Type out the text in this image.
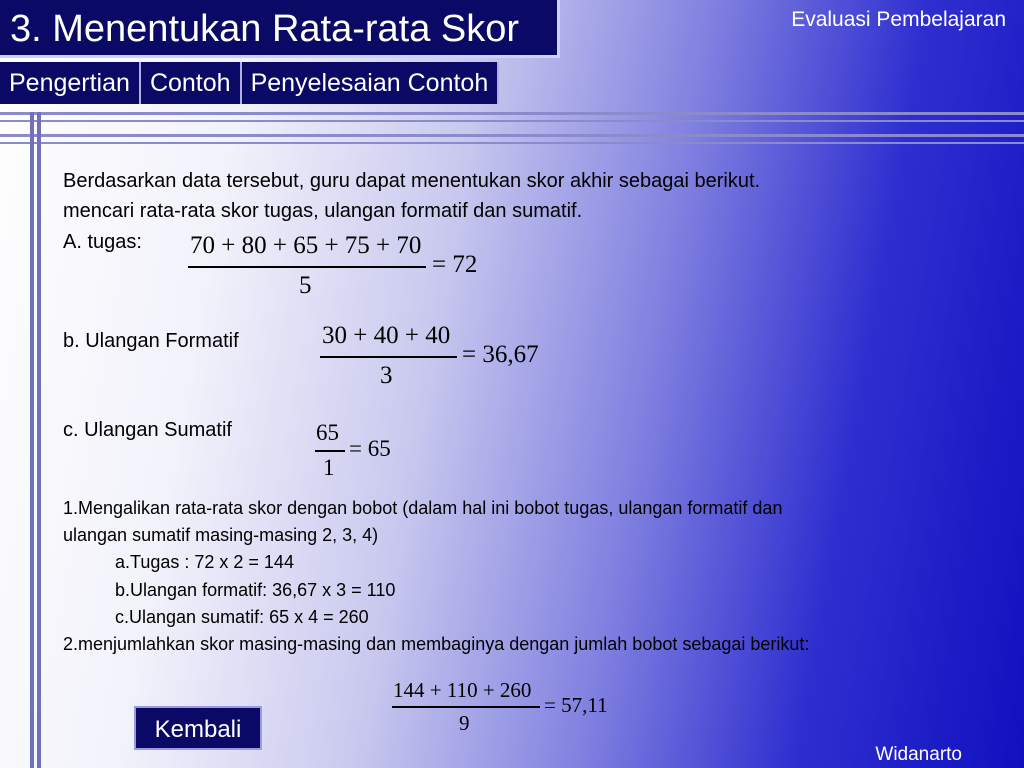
3. Menentukan Rata-rata Skor	Evaluasi Pembelajaran
Pengertian Contoh Penyelesaian Contoh
Berdasarkan data tersebut, guru dapat menentukan skor akhir sebagai berikut.
mencari rata-rata skor tugas, ulangan formatif dan sumatif.
A. tugas: 70 + 80 + 65 + 75 + 70
5
= 72
b. Ulangan Formatif	30 + 40 + 40
3
= 36,67
c. Ulangan Sumatif	65
1
= 65
1.Mengalikan rata-rata skor dengan bobot (dalam hal ini bobot tugas, ulangan formatif dan
ulangan sumatif masing-masing 2, 3, 4)
a.Tugas : 72 x 2 = 144
b.Ulangan formatif: 36,67 x 3 = 110
c.Ulangan sumatif: 65 x 4 = 260
2.menjumlahkan skor masing-masing dan membaginya dengan jumlah bobot sebagai berikut:
144 + 110 + 260
9
= 57,11
Kembali
Widanarto
